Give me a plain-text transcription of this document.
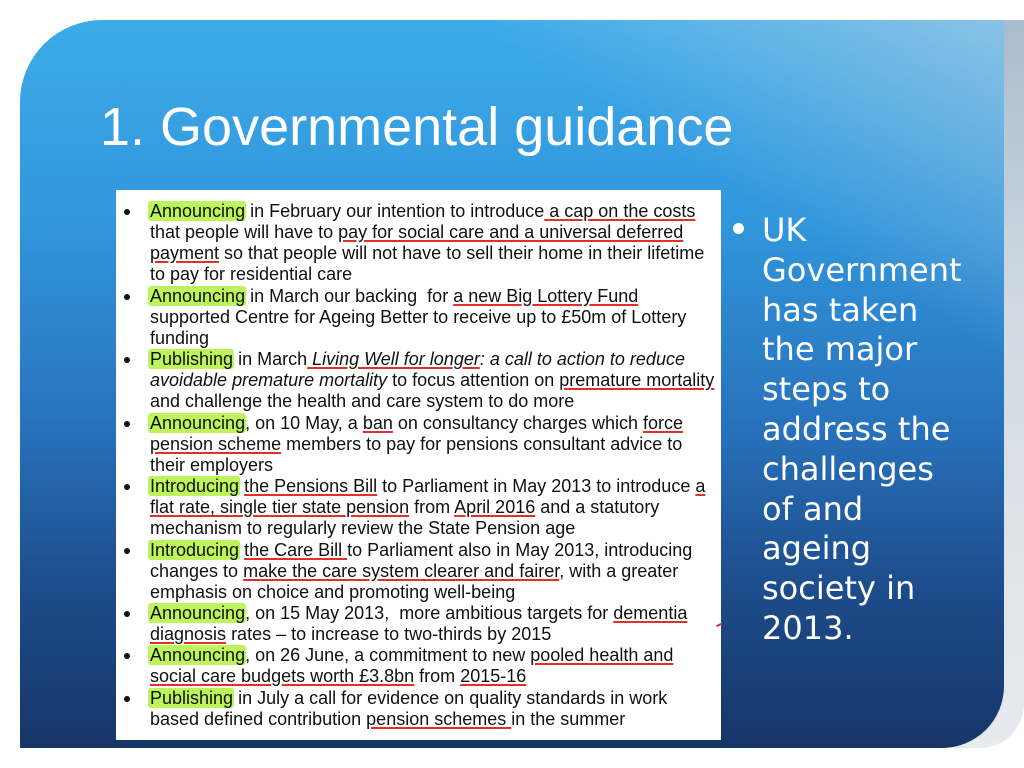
1. Governmental guidance
Announcing in February our intention to introduce a cap on the costs
that people will have to pay for social care and a universal deferred
payment so that people will not have to sell their home in their lifetime
to pay for residential care
Announcing in March our backing  for a new Big Lottery Fund
supported Centre for Ageing Better to receive up to £50m of Lottery
funding
Publishing in March Living Well for longer: a call to action to reduce
avoidable premature mortality to focus attention on premature mortality
and challenge the health and care system to do more
Announcing, on 10 May, a ban on consultancy charges which force
pension scheme members to pay for pensions consultant advice to
their employers
Introducing the Pensions Bill to Parliament in May 2013 to introduce a
flat rate, single tier state pension from April 2016 and a statutory
mechanism to regularly review the State Pension age
Introducing the Care Bill to Parliament also in May 2013, introducing
changes to make the care system clearer and fairer, with a greater
emphasis on choice and promoting well-being
Announcing, on 15 May 2013,  more ambitious targets for dementia
diagnosis rates – to increase to two-thirds by 2015
Announcing, on 26 June, a commitment to new pooled health and
social care budgets worth £3.8bn from 2015-16
Publishing in July a call for evidence on quality standards in work
based defined contribution pension schemes in the summer
UK Government has taken the major steps to address the challenges of and ageing society in 2013.
